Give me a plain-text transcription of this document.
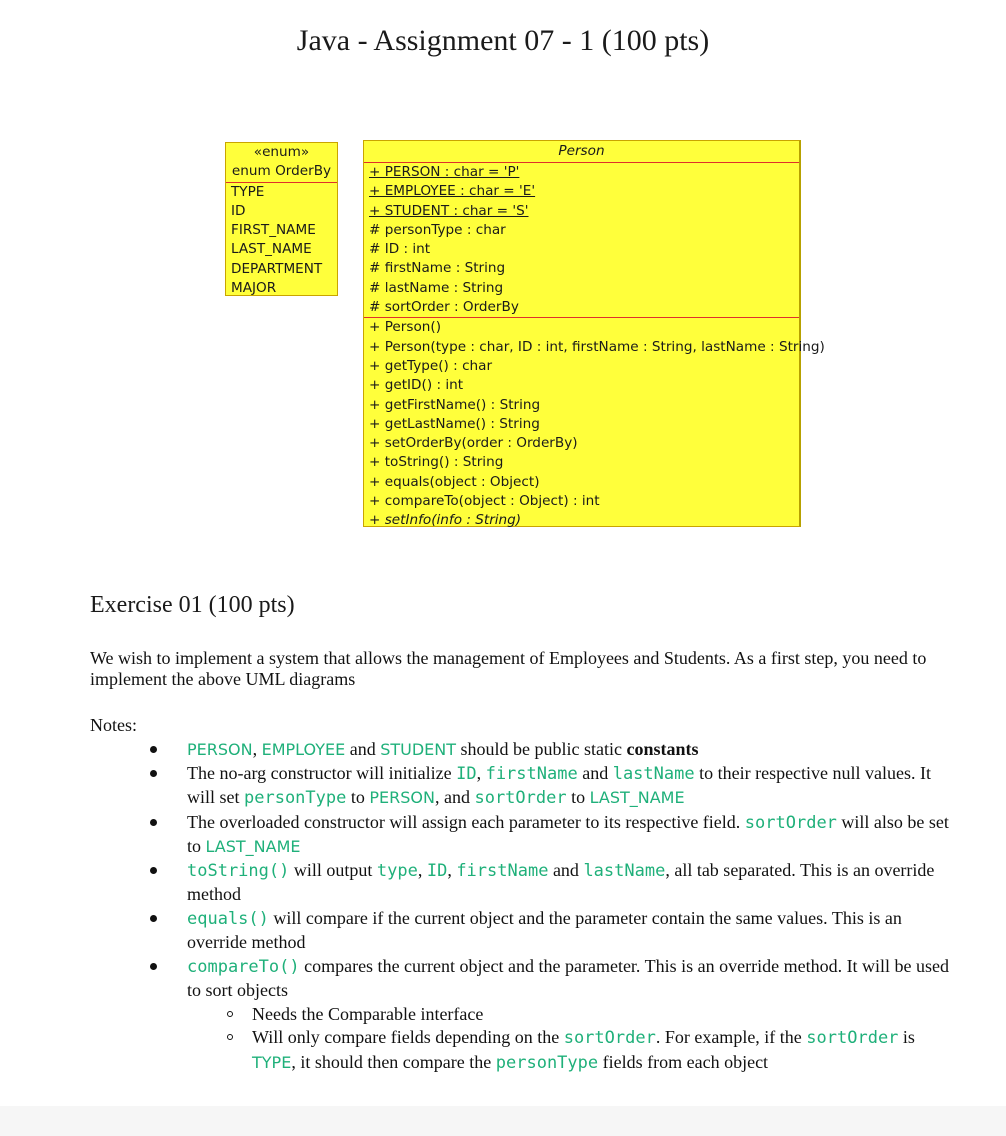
Java - Assignment 07 - 1 (100 pts)
«enum»
enum OrderBy
TYPE
ID
FIRST_NAME
LAST_NAME
DEPARTMENT
MAJOR
Person
+ PERSON : char = 'P'
+ EMPLOYEE : char = 'E'
+ STUDENT : char = 'S'
# personType : char
# ID : int
# firstName : String
# lastName : String
# sortOrder : OrderBy
+ Person()
+ Person(type : char, ID : int, firstName : String, lastName : String)
+ getType() : char
+ getID() : int
+ getFirstName() : String
+ getLastName() : String
+ setOrderBy(order : OrderBy)
+ toString() : String
+ equals(object : Object)
+ compareTo(object : Object) : int
+ setInfo(info : String)
Exercise 01 (100 pts)
We wish to implement a system that allows the management of Employees and Students. As a first step, you need to implement the above UML diagrams
Notes:
PERSON, EMPLOYEE and STUDENT should be public static constants
The no-arg constructor will initialize ID, firstName and lastName to their respective null values. It will set personType to PERSON, and sortOrder to LAST_NAME
The overloaded constructor will assign each parameter to its respective field. sortOrder will also be set to LAST_NAME
toString() will output type, ID, firstName and lastName, all tab separated. This is an override method
equals() will compare if the current object and the parameter contain the same values. This is an override method
compareTo() compares the current object and the parameter. This is an override method. It will be used to sort objects
Needs the Comparable interface
Will only compare fields depending on the sortOrder. For example, if the sortOrder is TYPE, it should then compare the personType fields from each object
